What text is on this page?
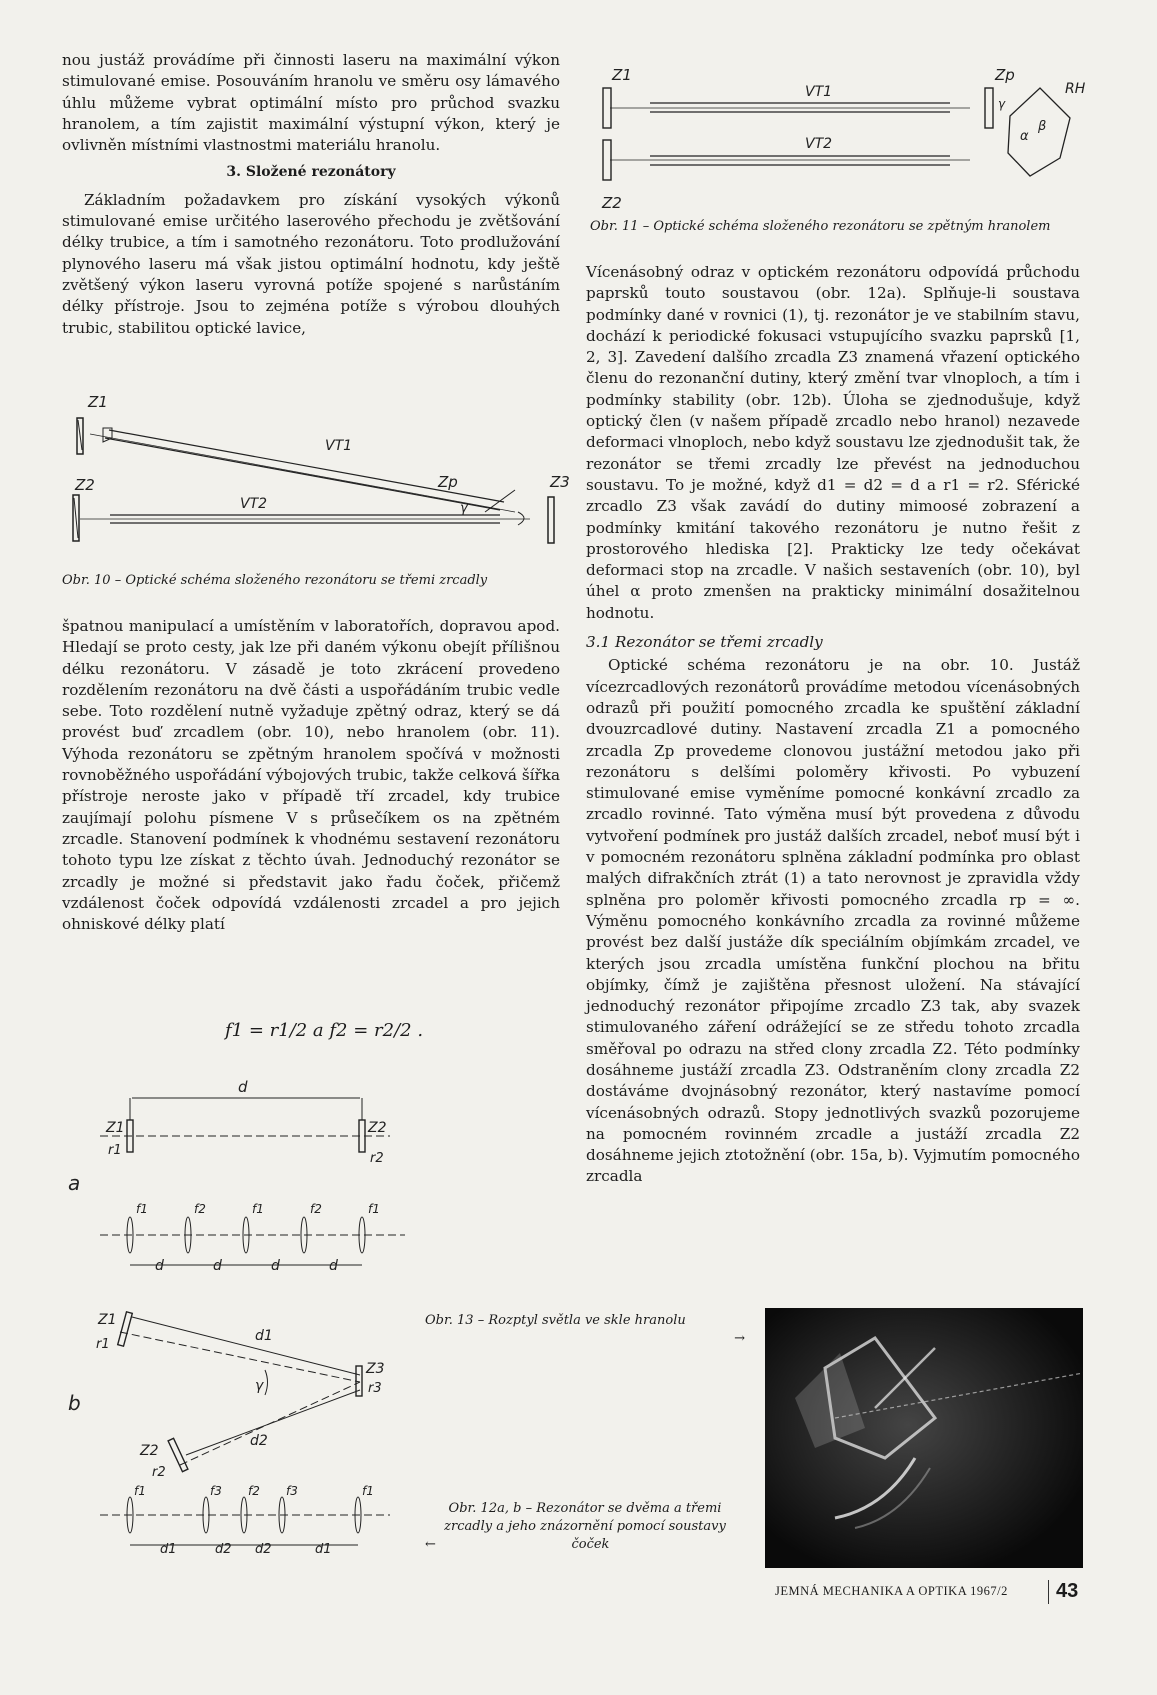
nou justáž provádíme při činnosti laseru na maximální výkon stimulované emise. Posouváním hranolu ve směru osy lámavého úhlu můžeme vybrat optimální místo pro průchod svazku hranolem, a tím zajistit maximální výstupní výkon, který je ovlivněn místními vlastnostmi materiálu hranolu.

3. Složené rezonátory

Základním požadavkem pro získání vysokých výkonů stimulované emise určitého laserového přechodu je zvětšování délky trubice, a tím i samotného rezonátoru. Toto prodlužování plynového laseru má však jistou optimální hodnotu, kdy ještě zvětšený výkon laseru vyrovná potíže spojené s narůstáním délky přístroje. Jsou to zejména potíže s výrobou dlouhých trubic, stabilitou optické lavice,

Z1
Z2
VT1
VT2
Zp
γ
Z3
Obr. 10 – Optické schéma složeného rezonátoru se třemi zrcadly

špatnou manipulací a umístěním v laboratořích, dopravou apod. Hledají se proto cesty, jak lze při daném výkonu obejít přílišnou délku rezonátoru. V zásadě je toto zkrácení provedeno rozdělením rezonátoru na dvě části a uspořádáním trubic vedle sebe. Toto rozdělení nutně vyžaduje zpětný odraz, který se dá provést buď zrcadlem (obr. 10), nebo hranolem (obr. 11). Výhoda rezonátoru se zpětným hranolem spočívá v možnosti rovnoběžného uspořádání výbojových trubic, takže celková šířka přístroje neroste jako v případě tří zrcadel, kdy trubice zaujímají polohu písmene V s průsečíkem os na zpětném zrcadle. Stanovení podmínek k vhodnému sestavení rezonátoru tohoto typu lze získat z těchto úvah. Jednoduchý rezonátor se zrcadly je možné si představit jako řadu čoček, přičemž vzdálenost čoček odpovídá vzdálenosti zrcadel a pro jejich ohniskové délky platí

f1 = r1/2 a f2 = r2/2 .
d
Z1
r1
Z2
r2
a
f1	f2	f1	f2	f1
d	d	d	d
Z1
r1
d1
Z3
r3
γ
Z2
r2
d2
b
f1	f3 f2 f3	f1
d1	d2 d2	d1
Z1
Z2
VT1
VT2
Zp
RH
α
γ
β
Obr. 11 – Optické schéma složeného rezonátoru se zpětným hranolem

Vícenásobný odraz v optickém rezonátoru odpovídá průchodu paprsků touto soustavou (obr. 12a). Splňuje-li soustava podmínky dané v rovnici (1), tj. rezonátor je ve stabilním stavu, dochází k periodické fokusaci vstupujícího svazku paprsků [1, 2, 3]. Zavedení dalšího zrcadla Z3 znamená vřazení optického členu do rezonanční dutiny, který změní tvar vlnoploch, a tím i podmínky stability (obr. 12b). Úloha se zjednodušuje, když optický člen (v našem případě zrcadlo nebo hranol) nezavede deformaci vlnoploch, nebo když soustavu lze zjednodušit tak, že rezonátor se třemi zrcadly lze převést na jednoduchou soustavu. To je možné, když d1 = d2 = d a r1 = r2. Sférické zrcadlo Z3 však zavádí do dutiny mimoosé zobrazení a podmínky kmitání takového rezonátoru je nutno řešit z prostorového hlediska [2]. Prakticky lze tedy očekávat deformaci stop na zrcadle. V našich sestaveních (obr. 10), byl úhel α proto zmenšen na prakticky minimální dosažitelnou hodnotu.

3.1 Rezonátor se třemi zrcadly

Optické schéma rezonátoru je na obr. 10. Justáž vícezrcadlových rezonátorů provádíme metodou vícenásobných odrazů při použití pomocného zrcadla ke spuštění základní dvouzrcadlové dutiny. Nastavení zrcadla Z1 a pomocného zrcadla Zp provedeme clonovou justážní metodou jako při rezonátoru s delšími poloměry křivosti. Po vybuzení stimulované emise vyměníme pomocné konkávní zrcadlo za zrcadlo rovinné. Tato výměna musí být provedena z důvodu vytvoření podmínek pro justáž dalších zrcadel, neboť musí být i v pomocném rezonátoru splněna základní podmínka pro oblast malých difrakčních ztrát (1) a tato nerovnost je zpravidla vždy splněna pro poloměr křivosti pomocného zrcadla rp = ∞. Výměnu pomocného konkávního zrcadla za rovinné můžeme provést bez další justáže dík speciálním objímkám zrcadel, ve kterých jsou zrcadla umístěna funkční plochou na břitu objímky, čímž je zajištěna přesnost uložení. Na stávající jednoduchý rezonátor připojíme zrcadlo Z3 tak, aby svazek stimulovaného záření odrážející se ze středu tohoto zrcadla směřoval po odrazu na střed clony zrcadla Z2. Této podmínky dosáhneme justáží zrcadla Z3. Odstraněním clony zrcadla Z2 dostáváme dvojnásobný rezonátor, který nastavíme pomocí vícenásobných odrazů. Stopy jednotlivých svazků pozorujeme na pomocném rovinném zrcadle a justáží zrcadla Z2 dosáhneme jejich ztotožnění (obr. 15a, b). Vyjmutím pomocného zrcadla

Obr. 13 – Rozptyl světla ve skle hranolu
→
Obr. 12a, b – Rezonátor se dvěma a třemi
zrcadly a jeho znázornění pomocí soustavy
←	čoček
JEMNÁ MECHANIKA A OPTIKA 1967/2 43
